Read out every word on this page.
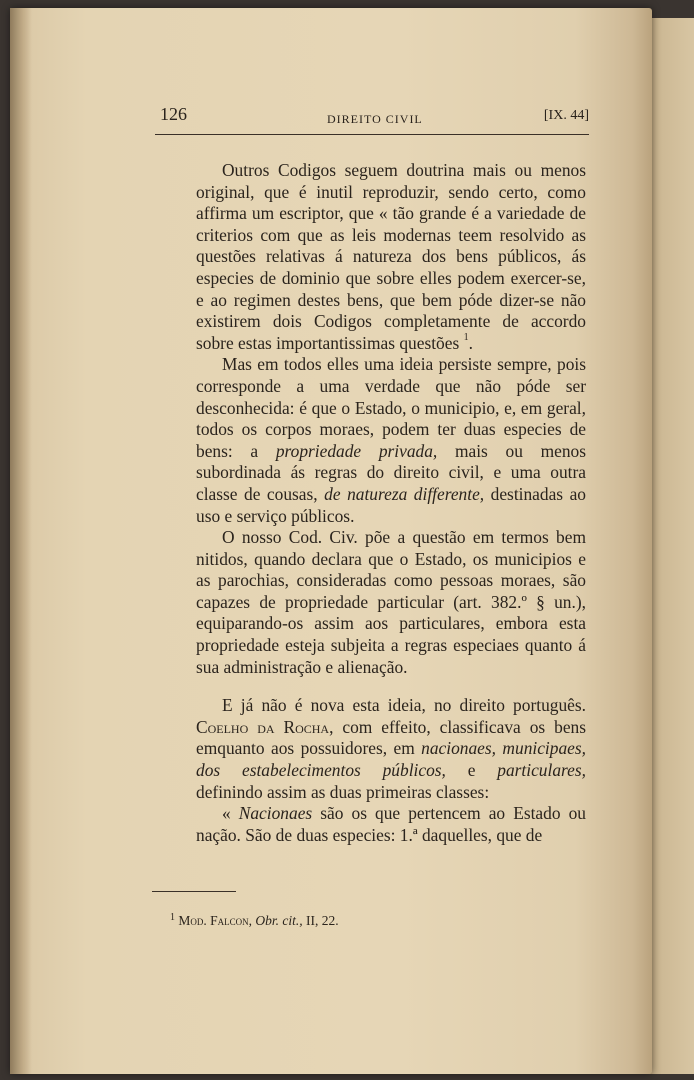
126	DIREITO CIVIL	[IX. 44]

Outros Codigos seguem doutrina mais ou menos original, que é inutil reproduzir, sendo certo, como affirma um escriptor, que « tão grande é a variedade de criterios com que as leis modernas teem resolvido as questões relativas á natureza dos bens públicos, ás especies de dominio que sobre elles podem exercer-se, e ao regimen destes bens, que bem póde dizer-se não existirem dois Codigos completamente de accordo sobre estas importantissimas questões $^1$.

Mas em todos elles uma ideia persiste sempre, pois corresponde a uma verdade que não póde ser desconhecida: é que o Estado, o municipio, e, em geral, todos os corpos moraes, podem ter duas especies de bens: a propriedade privada, mais ou menos subordinada ás regras do direito civil, e uma outra classe de cousas, de natureza differente, destinadas ao uso e serviço públicos.

O nosso Cod. Civ. põe a questão em termos bem nitidos, quando declara que o Estado, os municipios e as parochias, consideradas como pessoas moraes, são capazes de propriedade particular (art. 382.º § un.), equiparando-os assim aos particulares, embora esta propriedade esteja subjeita a regras especiaes quanto á sua administração e alienação.

E já não é nova esta ideia, no direito português. Coelho da Rocha, com effeito, classificava os bens emquanto aos possuidores, em nacionaes, municipaes, dos estabelecimentos públicos, e particulares, definindo assim as duas primeiras classes:

« Nacionaes são os que pertencem ao Estado ou nação. São de duas especies: 1.ª daquelles, que de

$^1$ Mod. Falcon, Obr. cit., II, 22.
